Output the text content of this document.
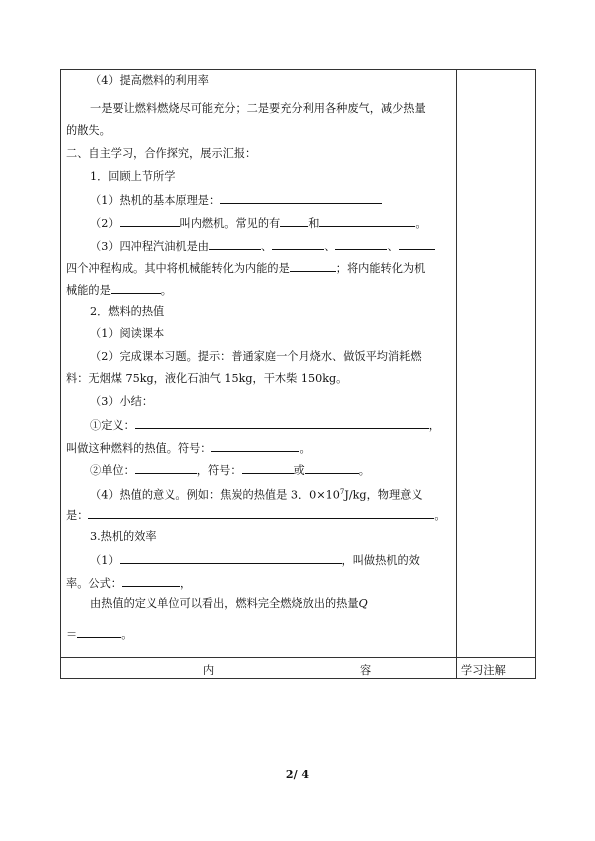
（4）提高燃料的利用率
一是要让燃料燃烧尽可能充分；二是要充分利用各种废气，减少热量
的散失。
二、自主学习，合作探究，展示汇报：
1．回顾上节所学
（1）热机的基本原理是：
（2）	叫内燃机。常见的有	和	。
（3）四冲程汽油机是由	、	、	、
四个冲程构成。其中将机械能转化为内能的是	；将内能转化为机
械能的是	。
2．燃料的热值
（1）阅读课本
（2）完成课本习题。提示：普通家庭一个月烧水、做饭平均消耗燃
料：无烟煤 75kg，液化石油气 15kg，干木柴 150kg。
（3）小结：
①定义：	，
叫做这种燃料的热值。符号：	。
②单位：	，符号：	或	。
（4）热值的意义。例如：焦炭的热值是 3．$0\times 10^7J/kg$，物理意义
是：	。
3.热机的效率
（1）	，叫做热机的效
率。公式：	，
由热值的定义单位可以看出，燃料完全燃烧放出的热量Q
＝	。
内	容	学习注解
2/ 4
